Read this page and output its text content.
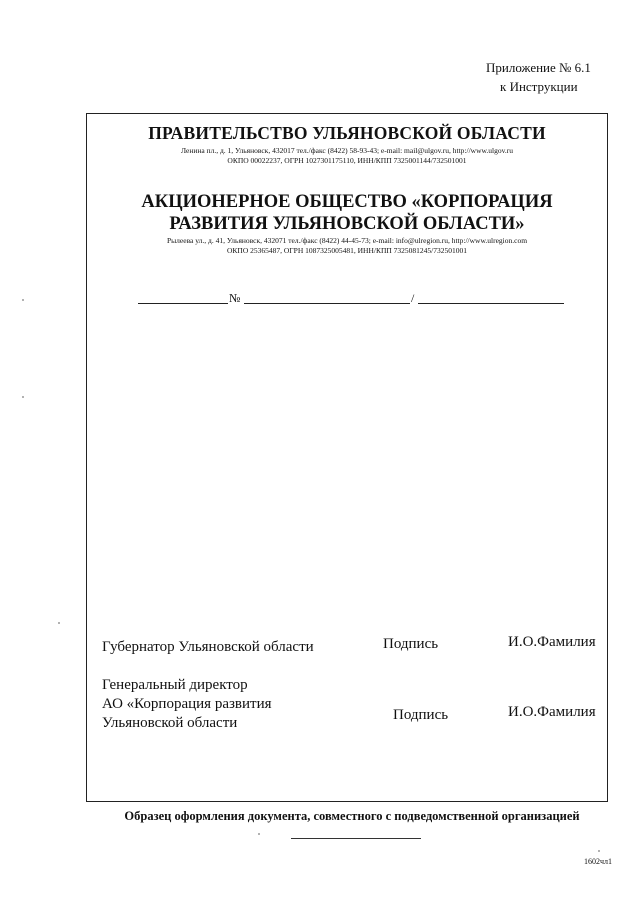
Приложение № 6.1
к Инструкции
ПРАВИТЕЛЬСТВО УЛЬЯНОВСКОЙ ОБЛАСТИ
Ленина пл., д. 1, Ульяновск, 432017 тел./факс (8422) 58-93-43; e-mail: mail@ulgov.ru, http://www.ulgov.ru
ОКПО 00022237, ОГРН 1027301175110, ИНН/КПП 7325001144/732501001
АКЦИОНЕРНОЕ ОБЩЕСТВО «КОРПОРАЦИЯ
РАЗВИТИЯ УЛЬЯНОВСКОЙ ОБЛАСТИ»
Рылеева ул., д. 41, Ульяновск, 432071 тел./факс (8422) 44-45-73; e-mail: info@ulregion.ru, http://www.ulregion.com
ОКПО 25365487, ОГРН 1087325005481, ИНН/КПП 7325081245/732501001
№	/
Губернатор Ульяновской области	Подпись	И.О.Фамилия
Генеральный директор
АО «Корпорация развития
Ульяновской области	Подпись	И.О.Фамилия
Образец оформления документа, совместного с подведомственной организацией
1602чл1
